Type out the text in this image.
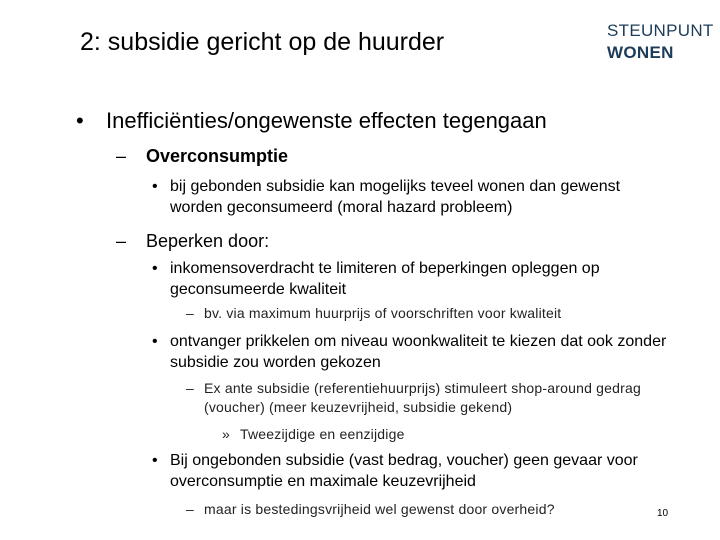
2: subsidie gericht op de huurder	STEUNPUNT
WONEN
•	Inefficiënties/ongewenste effecten tegengaan
–	Overconsumptie
• bij gebonden subsidie kan mogelijks teveel wonen dan gewenst worden geconsumeerd (moral hazard probleem)
–	Beperken door:
• inkomensoverdracht te limiteren of beperkingen opleggen op geconsumeerde kwaliteit
– bv. via maximum huurprijs of voorschriften voor kwaliteit
• ontvanger prikkelen om niveau woonkwaliteit te kiezen dat ook zonder subsidie zou worden gekozen
– Ex ante subsidie (referentiehuurprijs) stimuleert shop-around gedrag (voucher) (meer keuzevrijheid, subsidie gekend)
» Tweezijdige en eenzijdige
• Bij ongebonden subsidie (vast bedrag, voucher) geen gevaar voor overconsumptie en maximale keuzevrijheid
– maar is bestedingsvrijheid wel gewenst door overheid?	10
